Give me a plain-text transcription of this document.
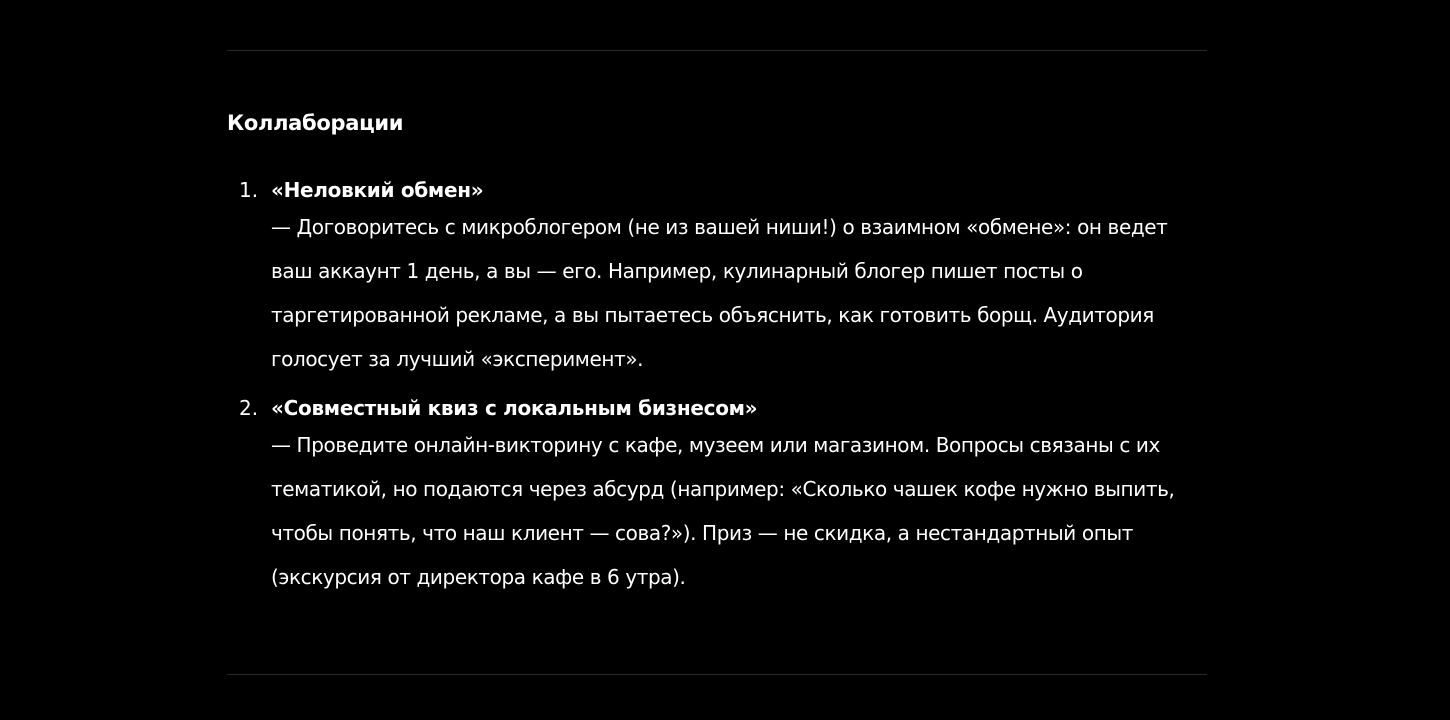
Коллаборации
1. «Неловкий обмен»
— Договоритесь с микроблогером (не из вашей ниши!) о взаимном «обмене»: он ведет ваш аккаунт 1 день, а вы — его. Например, кулинарный блогер пишет посты о таргетированной рекламе, а вы пытаетесь объяснить, как готовить борщ. Аудитория голосует за лучший «эксперимент».
2. «Совместный квиз с локальным бизнесом»
— Проведите онлайн-викторину с кафе, музеем или магазином. Вопросы связаны с их тематикой, но подаются через абсурд (например: «Сколько чашек кофе нужно выпить, чтобы понять, что наш клиент — сова?»). Приз — не скидка, а нестандартный опыт (экскурсия от директора кафе в 6 утра).
